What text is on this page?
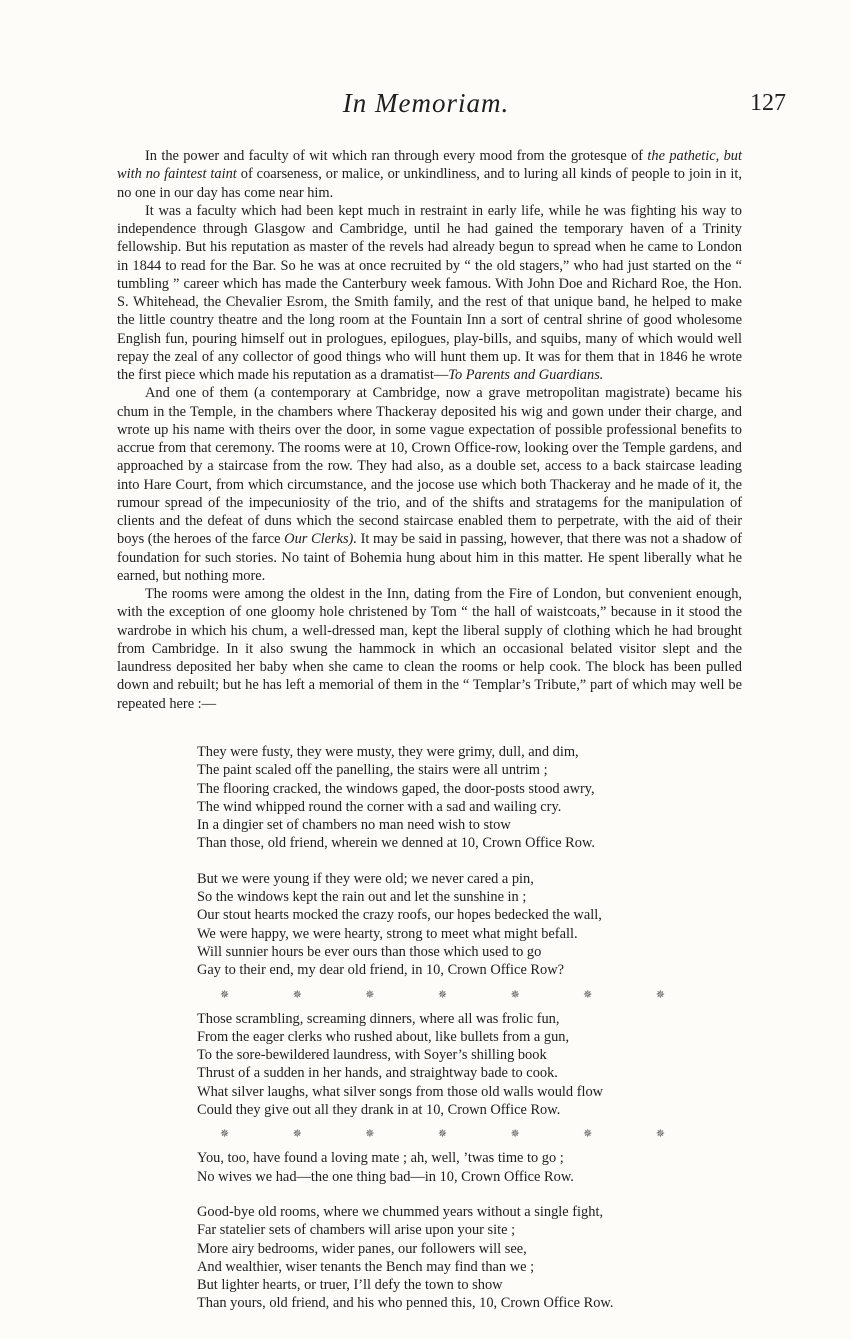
In Memoriam.	127

In the power and faculty of wit which ran through every mood from the grotesque of the pathetic, but with no faintest taint of coarseness, or malice, or unkindliness, and to luring all kinds of people to join in it, no one in our day has come near him.

It was a faculty which had been kept much in restraint in early life, while he was fighting his way to independence through Glasgow and Cambridge, until he had gained the temporary haven of a Trinity fellowship. But his reputation as master of the revels had already begun to spread when he came to London in 1844 to read for the Bar. So he was at once recruited by “ the old stagers,” who had just started on the “ tumbling ” career which has made the Canterbury week famous. With John Doe and Richard Roe, the Hon. S. Whitehead, the Chevalier Esrom, the Smith family, and the rest of that unique band, he helped to make the little country theatre and the long room at the Fountain Inn a sort of central shrine of good wholesome English fun, pouring himself out in prologues, epilogues, play-bills, and squibs, many of which would well repay the zeal of any collector of good things who will hunt them up. It was for them that in 1846 he wrote the first piece which made his reputation as a dramatist—To Parents and Guardians.

And one of them (a contemporary at Cambridge, now a grave metropolitan magistrate) became his chum in the Temple, in the chambers where Thackeray deposited his wig and gown under their charge, and wrote up his name with theirs over the door, in some vague expectation of possible professional benefits to accrue from that ceremony. The rooms were at 10, Crown Office-row, looking over the Temple gardens, and approached by a staircase from the row. They had also, as a double set, access to a back staircase leading into Hare Court, from which circumstance, and the jocose use which both Thackeray and he made of it, the rumour spread of the impecuniosity of the trio, and of the shifts and stratagems for the manipulation of clients and the defeat of duns which the second staircase enabled them to perpetrate, with the aid of their boys (the heroes of the farce Our Clerks). It may be said in passing, however, that there was not a shadow of foundation for such stories. No taint of Bohemia hung about him in this matter. He spent liberally what he earned, but nothing more.

The rooms were among the oldest in the Inn, dating from the Fire of London, but convenient enough, with the exception of one gloomy hole christened by Tom “ the hall of waistcoats,” because in it stood the wardrobe in which his chum, a well-dressed man, kept the liberal supply of clothing which he had brought from Cambridge. In it also swung the hammock in which an occasional belated visitor slept and the laundress deposited her baby when she came to clean the rooms or help cook. The block has been pulled down and rebuilt; but he has left a memorial of them in the “ Templar’s Tribute,” part of which may well be repeated here :—

They were fusty, they were musty, they were grimy, dull, and dim,
The paint scaled off the panelling, the stairs were all untrim ;
The flooring cracked, the windows gaped, the door-posts stood awry,
The wind whipped round the corner with a sad and wailing cry.
In a dingier set of chambers no man need wish to stow
Than those, old friend, wherein we denned at 10, Crown Office Row.
But we were young if they were old; we never cared a pin,
So the windows kept the rain out and let the sunshine in ;
Our stout hearts mocked the crazy roofs, our hopes bedecked the wall,
We were happy, we were hearty, strong to meet what might befall.
Will sunnier hours be ever ours than those which used to go
Gay to their end, my dear old friend, in 10, Crown Office Row?
✵	✵	✵	✵	✵	✵	✵
Those scrambling, screaming dinners, where all was frolic fun,
From the eager clerks who rushed about, like bullets from a gun,
To the sore-bewildered laundress, with Soyer’s shilling book
Thrust of a sudden in her hands, and straightway bade to cook.
What silver laughs, what silver songs from those old walls would flow
Could they give out all they drank in at 10, Crown Office Row.
✵	✵	✵	✵	✵	✵	✵
You, too, have found a loving mate ; ah, well, ’twas time to go ;
No wives we had—the one thing bad—in 10, Crown Office Row.
Good-bye old rooms, where we chummed years without a single fight,
Far statelier sets of chambers will arise upon your site ;
More airy bedrooms, wider panes, our followers will see,
And wealthier, wiser tenants the Bench may find than we ;
But lighter hearts, or truer, I’ll defy the town to show
Than yours, old friend, and his who penned this, 10, Crown Office Row.
